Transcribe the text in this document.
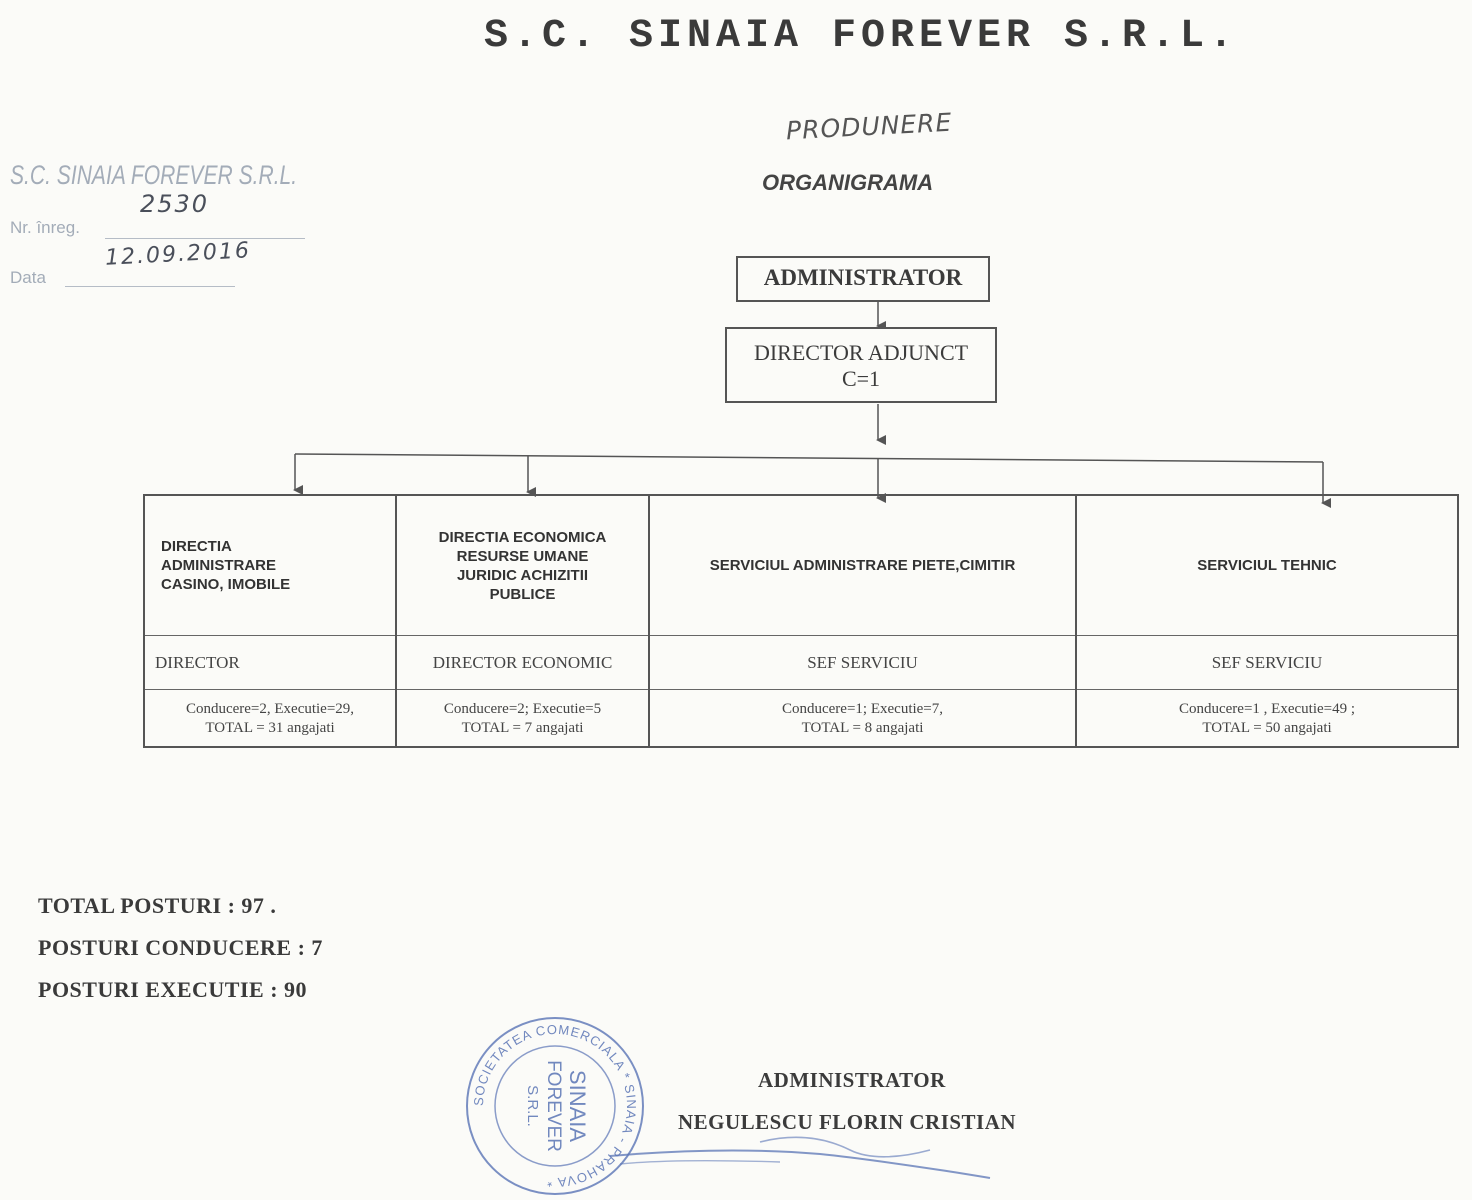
S.C. SINAIA FOREVER S.R.L.
PRODUNERE
ORGANIGRAMA
S.C. SINAIA FOREVER S.R.L.
Nr. înreg.
2530
Data
12.09.2016
ADMINISTRATOR
DIRECTOR ADJUNCT
C=1
DIRECTIA
ADMINISTRARE
CASINO, IMOBILE
DIRECTOR
Conducere=2, Executie=29,
TOTAL = 31 angajati
DIRECTIA ECONOMICA
RESURSE UMANE
JURIDIC ACHIZITII
PUBLICE
DIRECTOR ECONOMIC
Conducere=2; Executie=5
TOTAL = 7 angajati
SERVICIUL ADMINISTRARE PIETE,CIMITIR
SEF SERVICIU
Conducere=1; Executie=7,
TOTAL = 8 angajati
SERVICIUL TEHNIC
SEF SERVICIU
Conducere=1 , Executie=49 ;
TOTAL = 50 angajati
TOTAL POSTURI : 97 .
POSTURI CONDUCERE : 7
POSTURI EXECUTIE : 90
SOCIETATEA COMERCIALA * SINAIA - PRAHOVA *
SINAIA
FOREVER
S.R.L.
ADMINISTRATOR
NEGULESCU FLORIN CRISTIAN
